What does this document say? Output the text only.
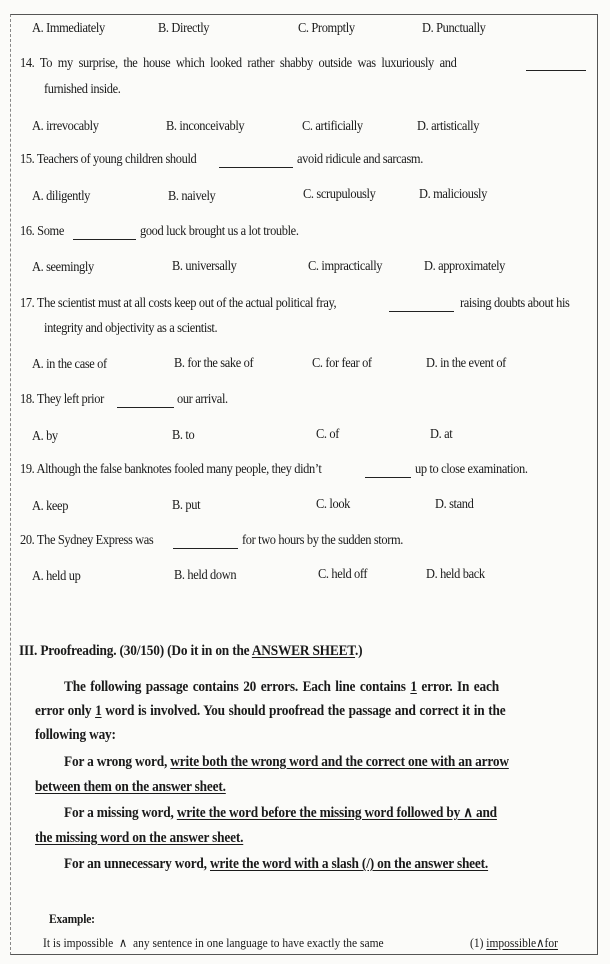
A. Immediately	B. Directly	C. Promptly	D. Punctually
14. To my surprise, the house which looked rather shabby outside was luxuriously and
furnished inside.
A. irrevocably	B. inconceivably	C. artificially	D. artistically
15. Teachers of young children should	avoid ridicule and sarcasm.
A. diligently	B. naively	C. scrupulously	D. maliciously
16. Some	good luck brought us a lot trouble.
A. seemingly	B. universally	C. impractically	D. approximately
17. The scientist must at all costs keep out of the actual political fray,	raising doubts about his
integrity and objectivity as a scientist.
A. in the case of	B. for the sake of	C. for fear of	D. in the event of
18. They left prior	our arrival.
A. by	B. to	C. of	D. at
19. Although the false banknotes fooled many people, they didn’t	up to close examination.
A. keep	B. put	C. look	D. stand
20. The Sydney Express was	for two hours by the sudden storm.
A. held up	B. held down	C. held off	D. held back
III. Proofreading. (30/150) (Do it in on the ANSWER SHEET.)
The following passage contains 20 errors. Each line contains 1 error. In each
error only 1 word is involved. You should proofread the passage and correct it in the
following way:
For a wrong word, write both the wrong word and the correct one with an arrow
between them on the answer sheet.
For a missing word, write the word before the missing word followed by ∧ and
the missing word on the answer sheet.
For an unnecessary word, write the word with a slash (/) on the answer sheet.
Example:
It is impossible ∧ any sentence in one language to have exactly the same	(1) impossible∧for
